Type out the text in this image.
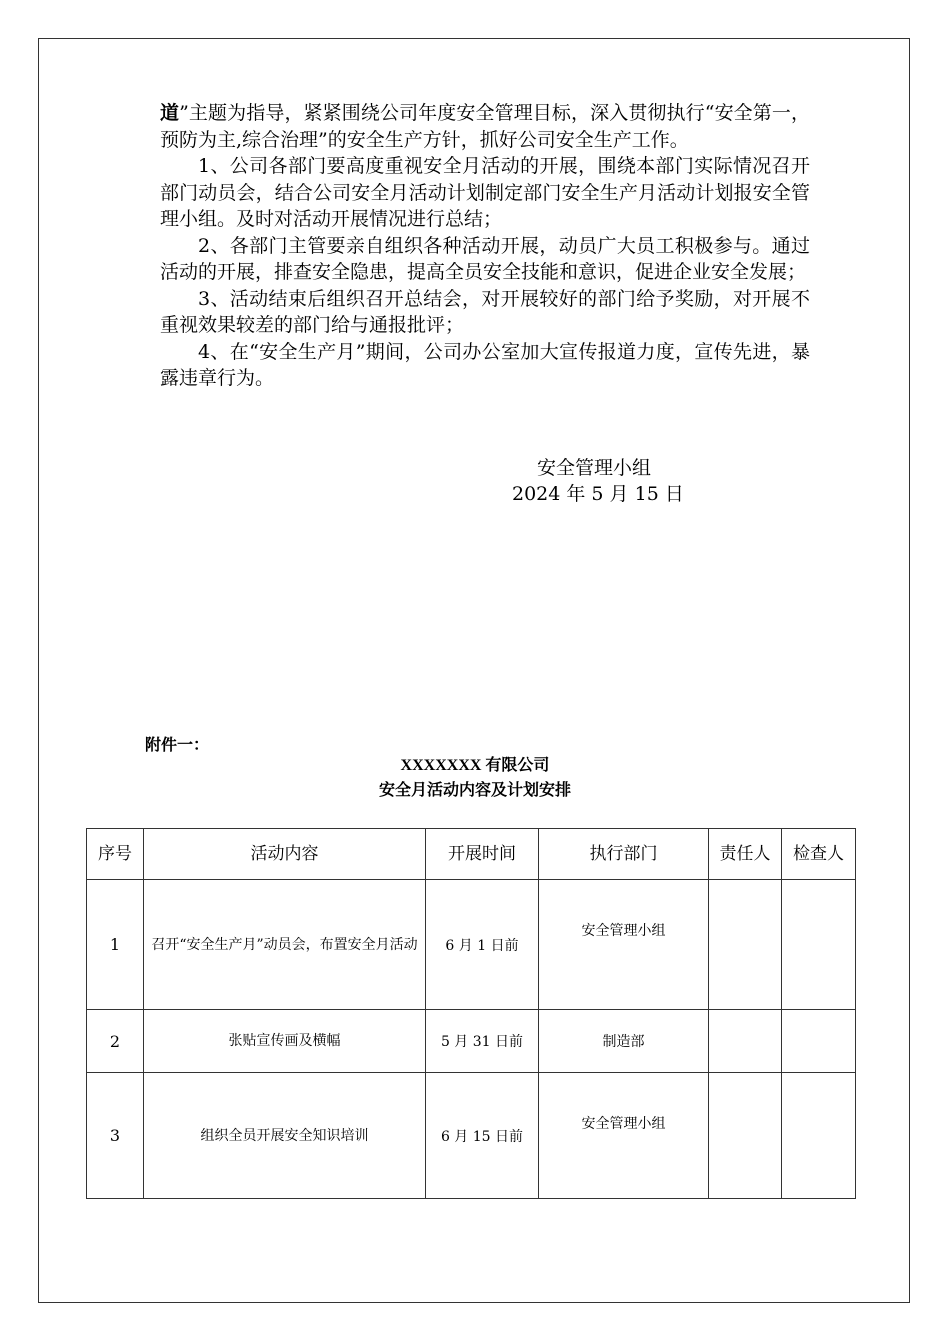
道”主题为指导，紧紧围绕公司年度安全管理目标，深入贯彻执行“安全第一，预防为主,综合治理”的安全生产方针，抓好公司安全生产工作。

1、公司各部门要高度重视安全月活动的开展，围绕本部门实际情况召开部门动员会，结合公司安全月活动计划制定部门安全生产月活动计划报安全管理小组。及时对活动开展情况进行总结；

2、各部门主管要亲自组织各种活动开展，动员广大员工积极参与。通过活动的开展，排查安全隐患，提高全员安全技能和意识，促进企业安全发展；

3、活动结束后组织召开总结会，对开展较好的部门给予奖励，对开展不重视效果较差的部门给与通报批评；

4、在“安全生产月”期间，公司办公室加大宣传报道力度，宣传先进，暴露违章行为。

安全管理小组
2024 年 5 月 15 日
附件一：
XXXXXXX 有限公司
安全月活动内容及计划安排
序号	活动内容	开展时间	执行部门	责任人	检查人
1	召开“安全生产月”动员会，布置安全月活动	6 月 1 日前	安全管理小组		
2	张贴宣传画及横幅	5 月 31 日前	制造部		
3	组织全员开展安全知识培训	6 月 15 日前	安全管理小组		
